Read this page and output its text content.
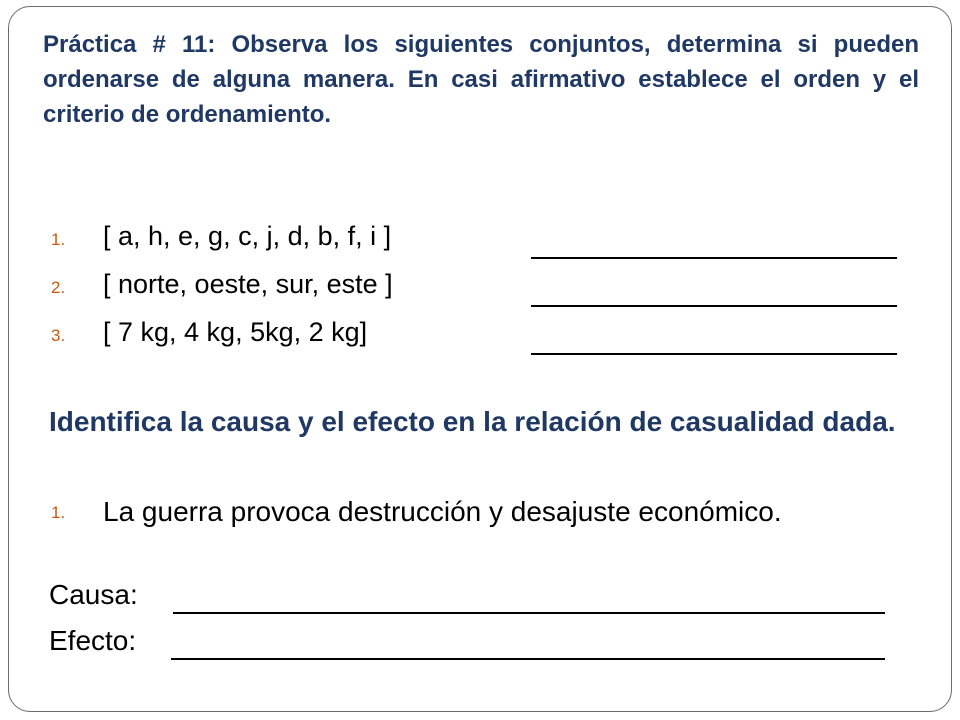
Práctica # 11: Observa los siguientes conjuntos, determina si pueden ordenarse de alguna manera. En casi afirmativo establece el orden y el criterio de ordenamiento.

1.	[ a, h, e, g, c, j, d, b, f, i ]
2.	[ norte, oeste, sur, este ]
3.	[ 7 kg, 4 kg, 5kg, 2 kg]

Identifica la causa y el efecto en la relación de casualidad dada.

1. La guerra provoca destrucción y desajuste económico.
Causa:
Efecto:
